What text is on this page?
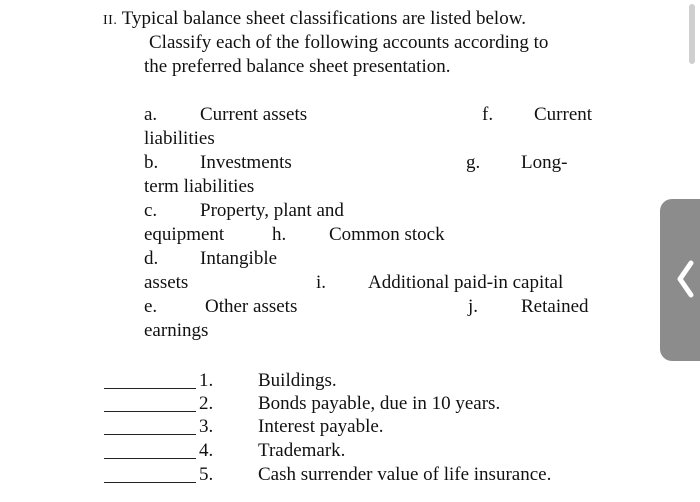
II. Typical balance sheet classifications are listed below.
Classify each of the following accounts according to
the preferred balance sheet presentation.
a. Current assets	f. Current
liabilities
b. Investments	g. Long-
term liabilities
c. Property, plant and
equipment	h. Common stock
d. Intangible
assets	i. Additional paid-in capital
e.	Other assets	j. Retained
earnings
1. Buildings.
2. Bonds payable, due in 10 years.
3. Interest payable.
4. Trademark.
5. Cash surrender value of life insurance.
